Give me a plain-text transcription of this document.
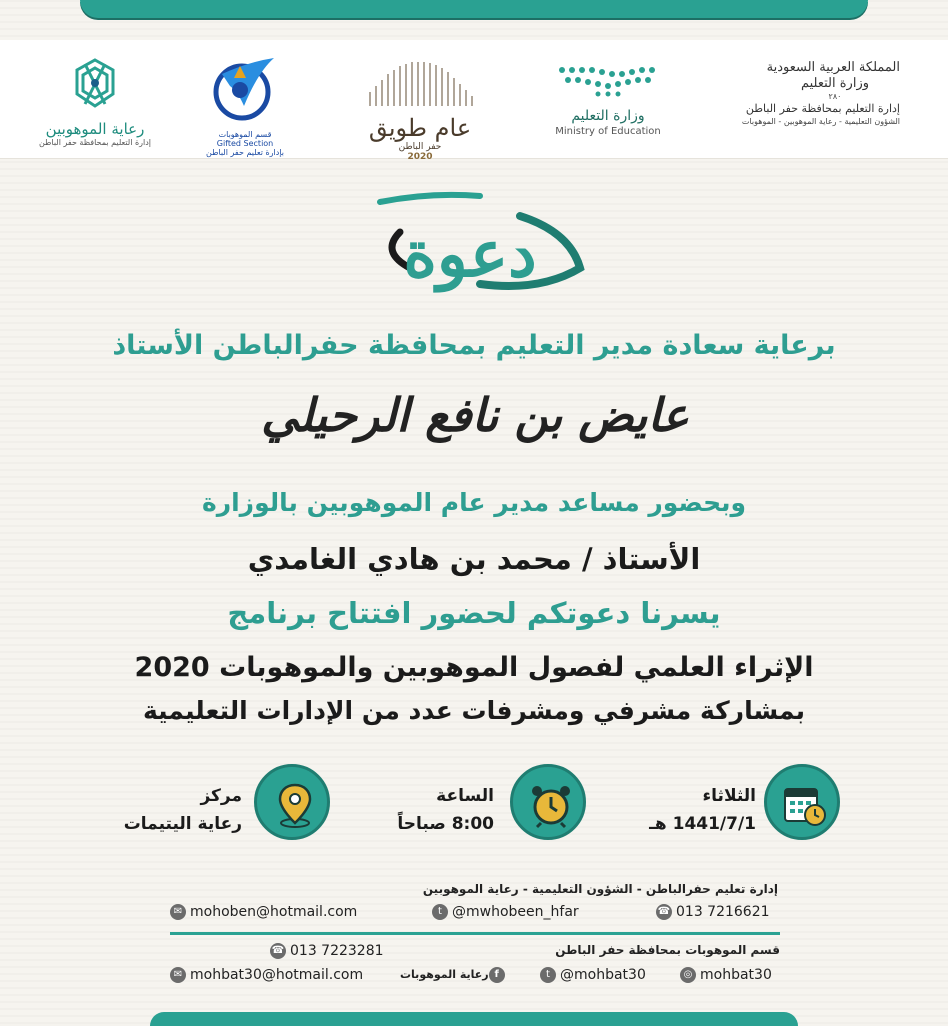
رعاية الموهوبين
إدارة التعليم بمحافظة حفر الباطن
قسم الموهوبات
Gifted Section
بإدارة تعليم حفر الباطن
عام طويق
حفر الباطن
2020
وزارة التعليم
Ministry of Education
المملكة العربية السعودية
وزارة التعليم
٢٨٠
إدارة التعليم بمحافظة حفر الباطن
الشؤون التعليمية - رعاية الموهوبين - الموهوبات
دعوة
برعاية سعادة مدير التعليم بمحافظة حفرالباطن الأستاذ
عايض بن نافع الرحيلي
وبحضور مساعد مدير عام الموهوبين بالوزارة
الأستاذ / محمد بن هادي الغامدي
يسرنا دعوتكم لحضور افتتاح برنامج
الإثراء العلمي لفصول الموهوبين والموهوبات 2020
بمشاركة مشرفي ومشرفات عدد من الإدارات التعليمية
الثلاثاء
1441/7/1 هـ
الساعة
8:00 صباحاً
مركز
رعاية اليتيمات
إدارة تعليم حفرالباطن - الشؤون التعليمية - رعاية الموهوبين
✉ mohoben@hotmail.com	t @mwhobeen_hfar	☎ 013 7216621
☎ 013 7223281	قسم الموهوبات بمحافظة حفر الباطن
✉ mohbat30@hotmail.com	fرعاية الموهوبات	t @mohbat30	◎ mohbat30
